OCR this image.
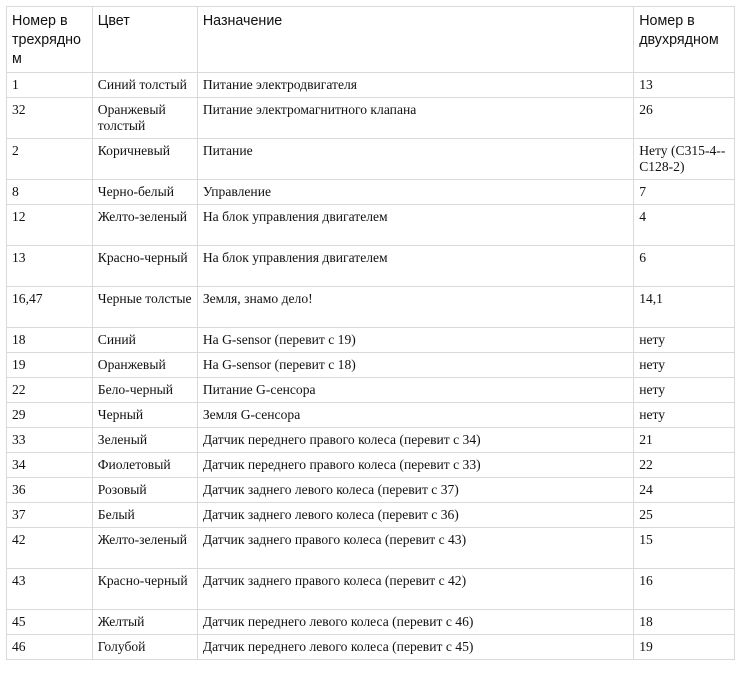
Номер в трехрядном	Цвет	Назначение	Номер в двухрядном
1	Синий толстый	Питание электродвигателя	13
32	Оранжевый толстый	Питание электромагнитного клапана	26
2	Коричневый	Питание	Нету (С315-4--С128-2)
8	Черно-белый	Управление	7
12	Желто-зеленый	На блок управления двигателем	4
13	Красно-черный	На блок управления двигателем	6
16,47	Черные толстые	Земля, знамо дело!	14,1
18	Синий	На G-sensor (перевит с 19)	нету
19	Оранжевый	На G-sensor (перевит с 18)	нету
22	Бело-черный	Питание G-сенсора	нету
29	Черный	Земля G-сенсора	нету
33	Зеленый	Датчик переднего правого колеса (перевит с 34)	21
34	Фиолетовый	Датчик переднего правого колеса (перевит с 33)	22
36	Розовый	Датчик заднего левого колеса (перевит с 37)	24
37	Белый	Датчик заднего левого колеса (перевит с 36)	25
42	Желто-зеленый	Датчик заднего правого колеса (перевит с 43)	15
43	Красно-черный	Датчик заднего правого колеса (перевит с 42)	16
45	Желтый	Датчик переднего левого колеса (перевит с 46)	18
46	Голубой	Датчик переднего левого колеса (перевит с 45)	19
